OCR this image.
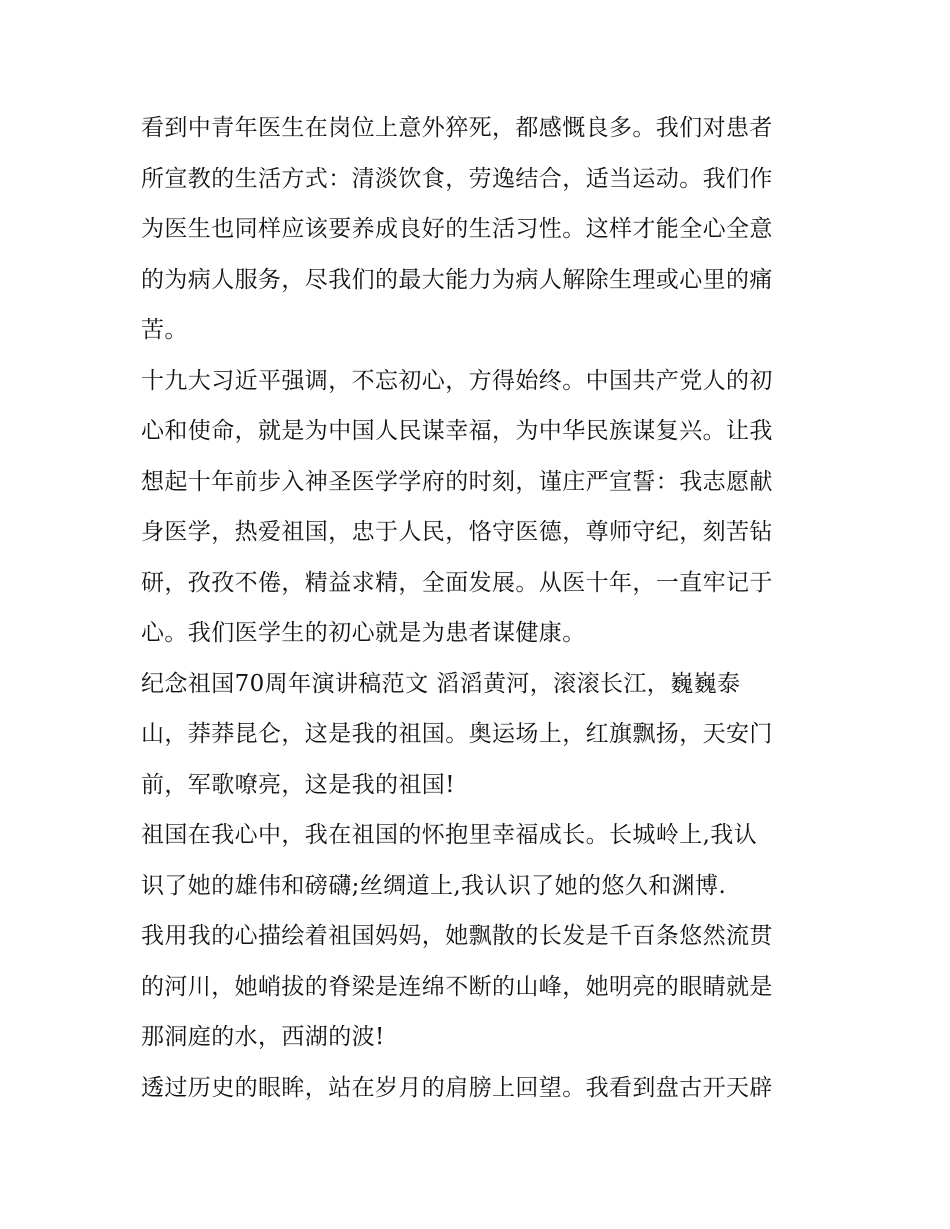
看到中青年医生在岗位上意外猝死，都感慨良多。我们对患者
所宣教的生活方式：清淡饮食，劳逸结合，适当运动。我们作
为医生也同样应该要养成良好的生活习性。这样才能全心全意
的为病人服务，尽我们的最大能力为病人解除生理或心里的痛
苦。
十九大习近平强调，不忘初心，方得始终。中国共产党人的初
心和使命，就是为中国人民谋幸福，为中华民族谋复兴。让我
想起十年前步入神圣医学学府的时刻，谨庄严宣誓：我志愿献
身医学，热爱祖国，忠于人民，恪守医德，尊师守纪，刻苦钻
研，孜孜不倦，精益求精，全面发展。从医十年，一直牢记于
心。我们医学生的初心就是为患者谋健康。
纪念祖国70周年演讲稿范文 滔滔黄河，滚滚长江，巍巍泰
山，莽莽昆仑，这是我的祖国。奥运场上，红旗飘扬，天安门
前，军歌嘹亮，这是我的祖国!
祖国在我心中，我在祖国的怀抱里幸福成长。长城岭上,我认
识了她的雄伟和磅礴;丝绸道上,我认识了她的悠久和渊博.
我用我的心描绘着祖国妈妈，她飘散的长发是千百条悠然流贯
的河川，她峭拔的脊梁是连绵不断的山峰，她明亮的眼睛就是
那洞庭的水，西湖的波!
透过历史的眼眸，站在岁月的肩膀上回望。我看到盘古开天辟
